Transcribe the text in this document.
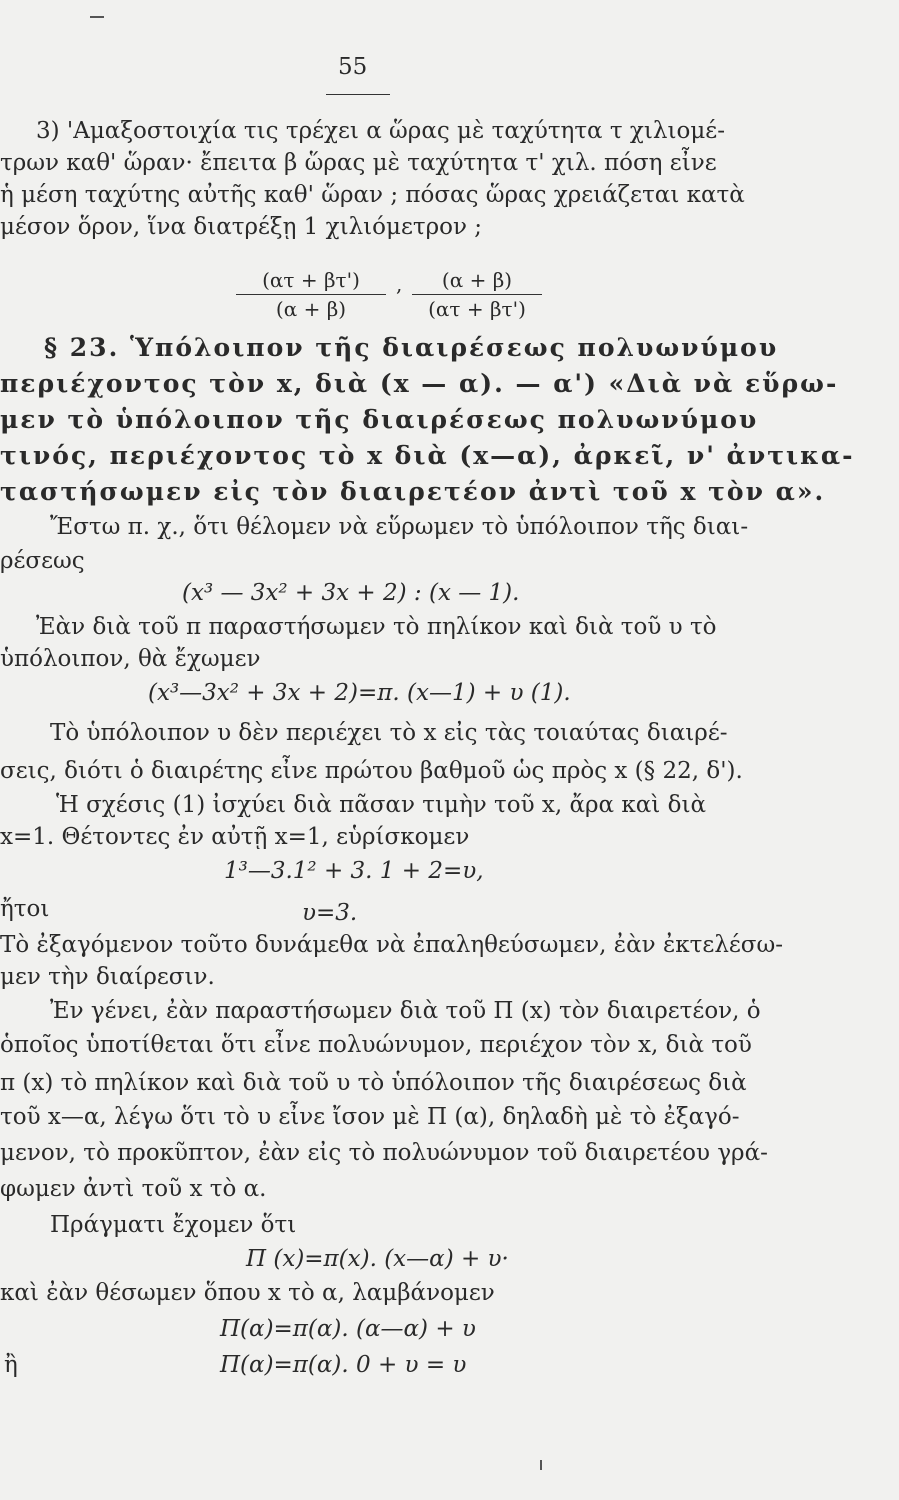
55
3) 'Αμαξοστοιχία τις τρέχει α ὥρας μὲ ταχύτητα τ χιλιομέ-
τρων καθ' ὥραν· ἔπειτα β ὥρας μὲ ταχύτητα τ' χιλ. πόση εἶνε
ἡ μέση ταχύτης αὐτῆς καθ' ὥραν ; πόσας ὥρας χρειάζεται κατὰ
μέσον ὅρον, ἵνα διατρέξῃ 1 χιλιόμετρον ;
(ατ + βτ')
(α + β)
,	(α + β)
(ατ + βτ')
§ 23. Ὑπόλοιπον τῆς διαιρέσεως πολυωνύμου
περιέχοντος τὸν x, διὰ (x — α). — α') «Διὰ νὰ εὕρω-
μεν τὸ ὑπόλοιπον τῆς διαιρέσεως πολυωνύμου
τινός, περιέχοντος τὸ x διὰ (x—α), ἀρκεῖ, ν' ἀντικα-
ταστήσωμεν εἰς τὸν διαιρετέον ἀντὶ τοῦ x τὸν α».
Ἔστω π. χ., ὅτι θέλομεν νὰ εὕρωμεν τὸ ὑπόλοιπον τῆς διαι-
ρέσεως
(x³ — 3x² + 3x + 2) : (x — 1).
Ἐὰν διὰ τοῦ π παραστήσωμεν τὸ πηλίκον καὶ διὰ τοῦ υ τὸ
ὑπόλοιπον, θὰ ἔχωμεν
(x³—3x² + 3x + 2)=π. (x—1) + υ (1).
Τὸ ὑπόλοιπον υ δὲν περιέχει τὸ x εἰς τὰς τοιαύτας διαιρέ-
σεις, διότι ὁ διαιρέτης εἶνε πρώτου βαθμοῦ ὡς πρὸς x (§ 22, δ').
Ἡ σχέσις (1) ἰσχύει διὰ πᾶσαν τιμὴν τοῦ x, ἄρα καὶ διὰ
x=1. Θέτοντες ἐν αὐτῇ x=1, εὑρίσκομεν
1³—3.1² + 3. 1 + 2=υ,
ἤτοι	υ=3.
Τὸ ἐξαγόμενον τοῦτο δυνάμεθα νὰ ἐπαληθεύσωμεν, ἐὰν ἐκτελέσω-
μεν τὴν διαίρεσιν.
Ἐν γένει, ἐὰν παραστήσωμεν διὰ τοῦ Π (x) τὸν διαιρετέον, ὁ
ὁποῖος ὑποτίθεται ὅτι εἶνε πολυώνυμον, περιέχον τὸν x, διὰ τοῦ
π (x) τὸ πηλίκον καὶ διὰ τοῦ υ τὸ ὑπόλοιπον τῆς διαιρέσεως διὰ
τοῦ x—α, λέγω ὅτι τὸ υ εἶνε ἴσον μὲ Π (α), δηλαδὴ μὲ τὸ ἐξαγό-
μενον, τὸ προκῦπτον, ἐὰν εἰς τὸ πολυώνυμον τοῦ διαιρετέου γρά-
φωμεν ἀντὶ τοῦ x τὸ α.
Πράγματι ἔχομεν ὅτι
Π (x)=π(x). (x—α) + υ·
καὶ ἐὰν θέσωμεν ὅπου x τὸ α, λαμβάνομεν
Π(α)=π(α). (α—α) + υ
ἢ	Π(α)=π(α). 0 + υ = υ
